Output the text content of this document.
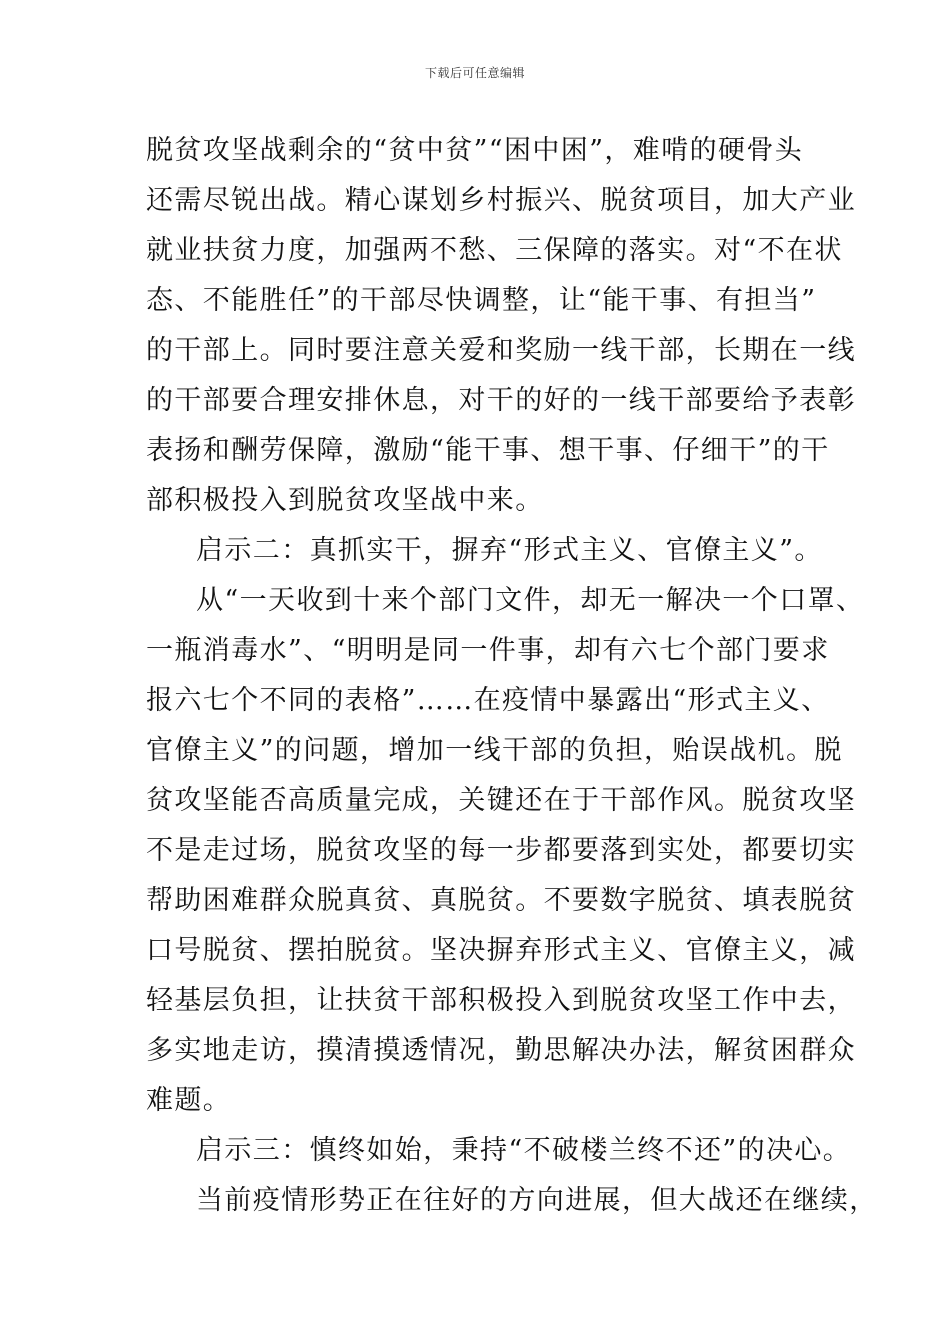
下载后可任意编辑
脱贫攻坚战剩余的“贫中贫”“困中困”，难啃的硬骨头
还需尽锐出战。精心谋划乡村振兴、脱贫项目，加大产业
就业扶贫力度，加强两不愁、三保障的落实。对“不在状
态、不能胜任”的干部尽快调整，让“能干事、有担当”
的干部上。同时要注意关爱和奖励一线干部，长期在一线
的干部要合理安排休息，对干的好的一线干部要给予表彰
表扬和酬劳保障，激励“能干事、想干事、仔细干”的干
部积极投入到脱贫攻坚战中来。
启示二：真抓实干，摒弃“形式主义、官僚主义”。
从“一天收到十来个部门文件，却无一解决一个口罩、
一瓶消毒水”、“明明是同一件事，却有六七个部门要求
报六七个不同的表格”……在疫情中暴露出“形式主义、
官僚主义”的问题，增加一线干部的负担，贻误战机。脱
贫攻坚能否高质量完成，关键还在于干部作风。脱贫攻坚
不是走过场，脱贫攻坚的每一步都要落到实处，都要切实
帮助困难群众脱真贫、真脱贫。不要数字脱贫、填表脱贫
口号脱贫、摆拍脱贫。坚决摒弃形式主义、官僚主义，减
轻基层负担，让扶贫干部积极投入到脱贫攻坚工作中去，
多实地走访，摸清摸透情况，勤思解决办法，解贫困群众
难题。
启示三：慎终如始，秉持“不破楼兰终不还”的决心。
当前疫情形势正在往好的方向进展，但大战还在继续，
